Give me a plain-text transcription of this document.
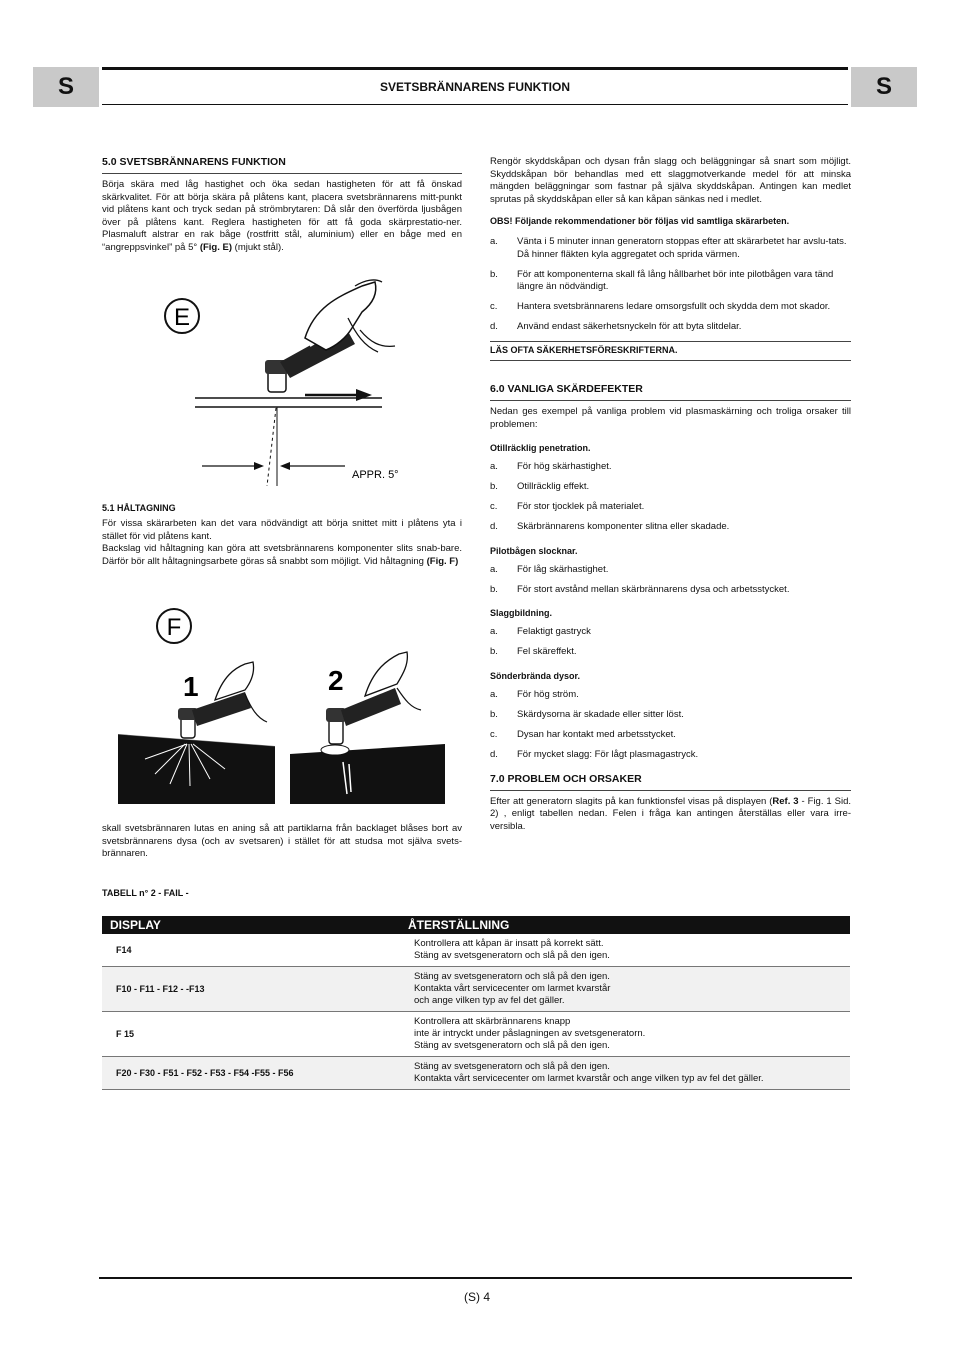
S	SVETSBRÄNNARENS FUNKTION	S
5.0 SVETSBRÄNNARENS FUNKTION

Börja skära med låg hastighet och öka sedan hastigheten för att få önskad skärkvalitet. För att börja skära på plåtens kant, placera svetsbrännarens mitt-punkt vid plåtens kant och tryck sedan på strömbrytaren: Då slår den överförda ljusbågen över på plåtens kant. Reglera hastigheten för att få goda skärprestatio-ner. Plasmaluft alstrar en rak båge (rostfritt stål, aluminium) eller en båge med en “angreppsvinkel” på 5° (Fig. E) (mjukt stål).

E
APPR. 5°
5.1 HÅLTAGNING

För vissa skärarbeten kan det vara nödvändigt att börja snittet mitt i plåtens yta i stället för vid plåtens kant.

Backslag vid håltagning kan göra att svetsbrännarens komponenter slits snab-bare. Därför bör allt håltagningsarbete göras så snabbt som möjligt. Vid håltagning (Fig. F)

F
1	2

skall svetsbrännaren lutas en aning så att partiklarna från backlaget blåses bort av svetsbrännarens dysa (och av svetsaren) i stället för att studsa mot själva svets-brännaren.

TABELL n° 2 - FAIL -

Rengör skyddskåpan och dysan från slagg och beläggningar så snart som möjligt. Skyddskåpan bör behandlas med ett slaggmotverkande medel för att minska mängden beläggningar som fastnar på själva skyddskåpan. Antingen kan medlet sprutas på skyddskåpan eller så kan kåpan sänkas ned i medlet.

OBS! Följande rekommendationer bör följas vid samtliga skärarbeten.
a.	Vänta i 5 minuter innan generatorn stoppas efter att skärarbetet har avslu-tats. Då hinner fläkten kyla aggregatet och sprida värmen.
b.	För att komponenterna skall få lång hållbarhet bör inte pilotbågen vara tänd längre än nödvändigt.
c.	Hantera svetsbrännarens ledare omsorgsfullt och skydda dem mot skador.
d.	Använd endast säkerhetsnyckeln för att byta slitdelar.
LÄS OFTA SÄKERHETSFÖRESKRIFTERNA.
6.0 VANLIGA SKÄRDEFEKTER

Nedan ges exempel på vanliga problem vid plasmaskärning och troliga orsaker till problemen:

Otillräcklig penetration.
a.	För hög skärhastighet.
b.	Otillräcklig effekt.
c.	För stor tjocklek på materialet.
d.	Skärbrännarens komponenter slitna eller skadade.
Pilotbågen slocknar.
a.	För låg skärhastighet.
b.	För stort avstånd mellan skärbrännarens dysa och arbetsstycket.
Slaggbildning.
a.	Felaktigt gastryck
b.	Fel skäreffekt.
Sönderbrända dysor.
a.	För hög ström.
b.	Skärdysorna är skadade eller sitter löst.
c.	Dysan har kontakt med arbetsstycket.
d.	För mycket slagg: För lågt plasmagastryck.
7.0 PROBLEM OCH ORSAKER

Efter att generatorn slagits på kan funktionsfel visas på displayen (Ref. 3 - Fig. 1 Sid. 2) , enligt tabellen nedan. Felen i fråga kan antingen återställas eller vara irre-versibla.

DISPLAY	ÅTERSTÄLLNING
F14	Kontrollera att kåpan är insatt på korrekt sätt.
Stäng av svetsgeneratorn och slå på den igen.

F10 - F11 - F12 - -F13	Stäng av svetsgeneratorn och slå på den igen.
Kontakta vårt servicecenter om larmet kvarstår
och ange vilken typ av fel det gäller.

F 15	Kontrollera att skärbrännarens knapp
inte är intryckt under påslagningen av svetsgeneratorn.
Stäng av svetsgeneratorn och slå på den igen.

F20 - F30 - F51 - F52 - F53 - F54 -F55 - F56	Stäng av svetsgeneratorn och slå på den igen.
Kontakta vårt servicecenter om larmet kvarstår och ange vilken typ av fel det gäller.
(S) 4
